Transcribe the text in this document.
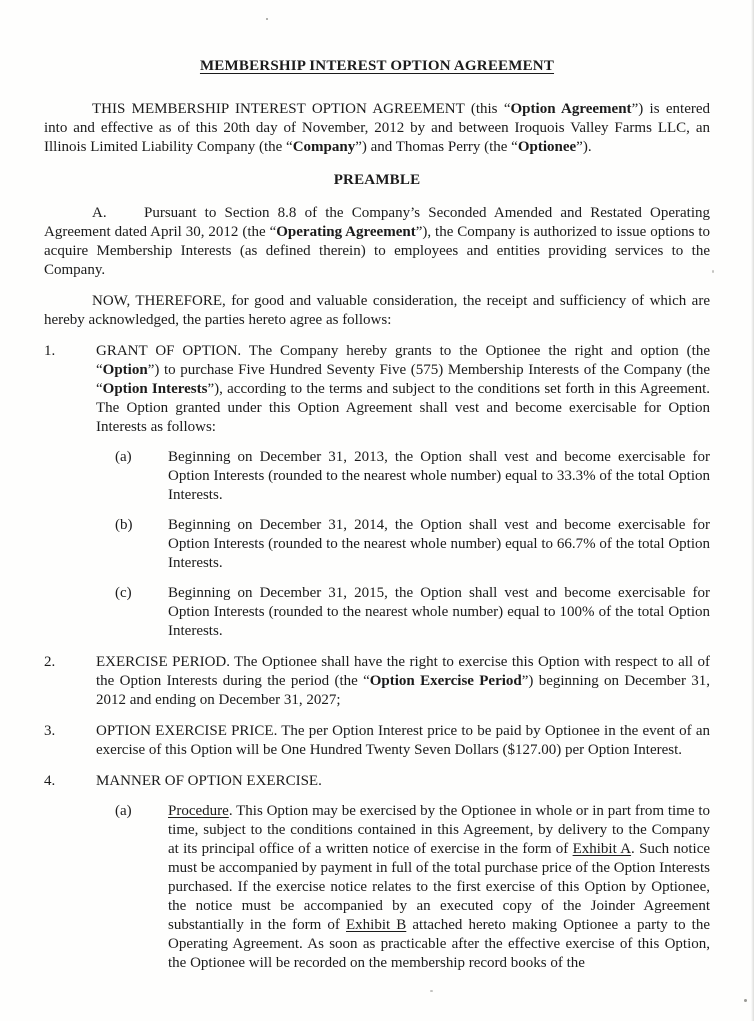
MEMBERSHIP INTEREST OPTION AGREEMENT

THIS MEMBERSHIP INTEREST OPTION AGREEMENT (this “Option Agreement”) is entered into and effective as of this 20th day of November, 2012 by and between Iroquois Valley Farms LLC, an Illinois Limited Liability Company (the “Company”) and Thomas Perry (the “Optionee”).

PREAMBLE

A. Pursuant to Section 8.8 of the Company’s Seconded Amended and Restated Operating Agreement dated April 30, 2012 (the “Operating Agreement”), the Company is authorized to issue options to acquire Membership Interests (as defined therein) to employees and entities providing services to the Company.

NOW, THEREFORE, for good and valuable consideration, the receipt and sufficiency of which are hereby acknowledged, the parties hereto agree as follows:

1.	GRANT OF OPTION. The Company hereby grants to the Optionee the right and option (the “Option”) to purchase Five Hundred Seventy Five (575) Membership Interests of the Company (the “Option Interests”), according to the terms and subject to the conditions set forth in this Agreement. The Option granted under this Option Agreement shall vest and become exercisable for Option Interests as follows:

(a)	Beginning on December 31, 2013, the Option shall vest and become exercisable for Option Interests (rounded to the nearest whole number) equal to 33.3% of the total Option Interests.

(b)	Beginning on December 31, 2014, the Option shall vest and become exercisable for Option Interests (rounded to the nearest whole number) equal to 66.7% of the total Option Interests.

(c)	Beginning on December 31, 2015, the Option shall vest and become exercisable for Option Interests (rounded to the nearest whole number) equal to 100% of the total Option Interests.

2.	EXERCISE PERIOD. The Optionee shall have the right to exercise this Option with respect to all of the Option Interests during the period (the “Option Exercise Period”) beginning on December 31, 2012 and ending on December 31, 2027;

3.	OPTION EXERCISE PRICE. The per Option Interest price to be paid by Optionee in the event of an exercise of this Option will be One Hundred Twenty Seven Dollars ($127.00) per Option Interest.

4.	MANNER OF OPTION EXERCISE.

(a)	Procedure. This Option may be exercised by the Optionee in whole or in part from time to time, subject to the conditions contained in this Agreement, by delivery to the Company at its principal office of a written notice of exercise in the form of Exhibit A. Such notice must be accompanied by payment in full of the total purchase price of the Option Interests purchased. If the exercise notice relates to the first exercise of this Option by Optionee, the notice must be accompanied by an executed copy of the Joinder Agreement substantially in the form of Exhibit B attached hereto making Optionee a party to the Operating Agreement. As soon as practicable after the effective exercise of this Option, the Optionee will be recorded on the membership record books of the
